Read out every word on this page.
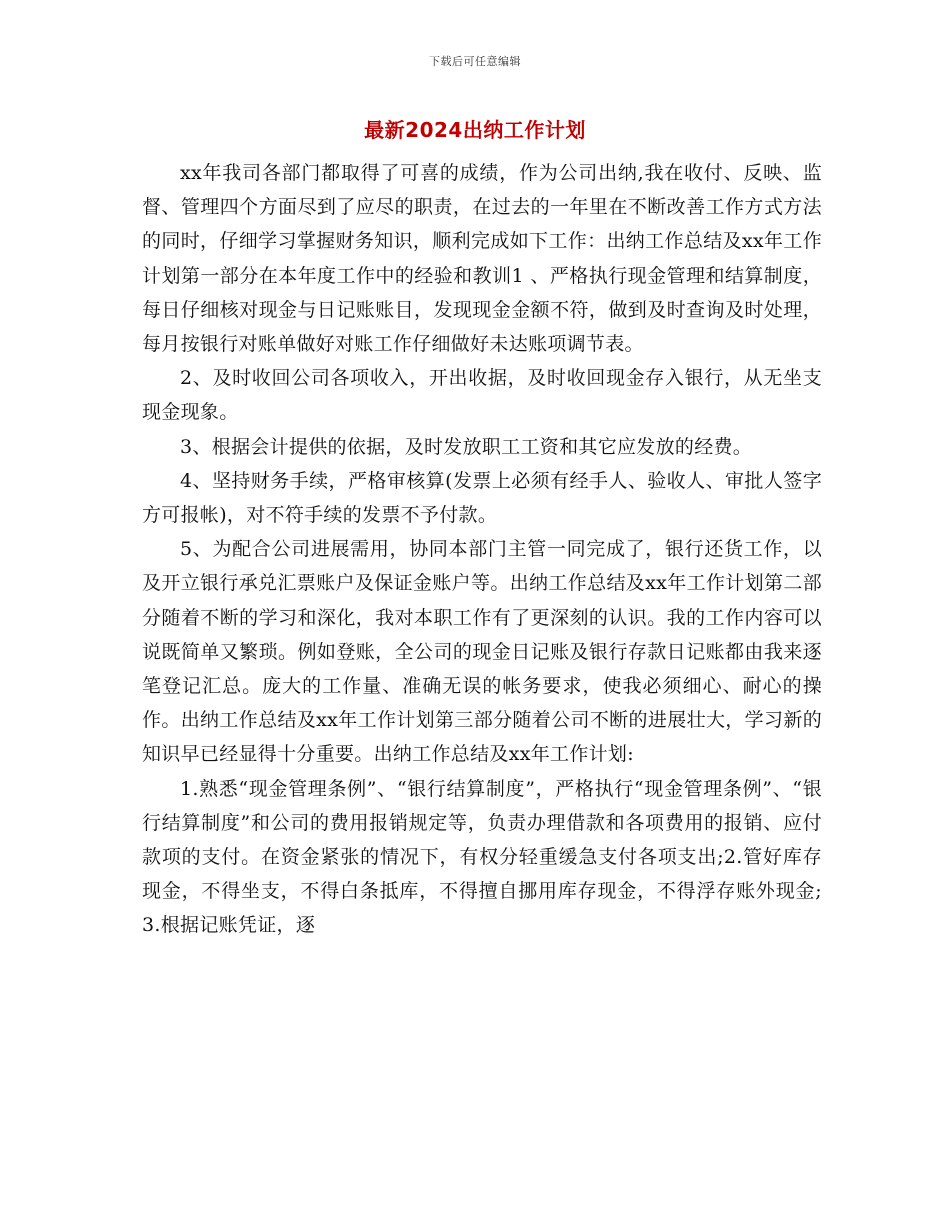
下载后可任意编辑
最新2024出纳工作计划

xx年我司各部门都取得了可喜的成绩，作为公司出纳,我在收付、反映、监督、管理四个方面尽到了应尽的职责，在过去的一年里在不断改善工作方式方法的同时，仔细学习掌握财务知识，顺利完成如下工作：出纳工作总结及xx年工作计划第一部分在本年度工作中的经验和教训1 、严格执行现金管理和结算制度，每日仔细核对现金与日记账账目，发现现金金额不符，做到及时查询及时处理，每月按银行对账单做好对账工作仔细做好未达账项调节表。

2、及时收回公司各项收入，开出收据，及时收回现金存入银行，从无坐支现金现象。

3、根据会计提供的依据，及时发放职工工资和其它应发放的经费。

4、坚持财务手续，严格审核算(发票上必须有经手人、验收人、审批人签字方可报帐)，对不符手续的发票不予付款。

5、为配合公司进展需用，协同本部门主管一同完成了，银行还货工作，以及开立银行承兑汇票账户及保证金账户等。出纳工作总结及xx年工作计划第二部分随着不断的学习和深化，我对本职工作有了更深刻的认识。我的工作内容可以说既简单又繁琐。例如登账，全公司的现金日记账及银行存款日记账都由我来逐笔登记汇总。庞大的工作量、准确无误的帐务要求，使我必须细心、耐心的操作。出纳工作总结及xx年工作计划第三部分随着公司不断的进展壮大，学习新的知识早已经显得十分重要。出纳工作总结及xx年工作计划:

1.熟悉“现金管理条例”、“银行结算制度”，严格执行“现金管理条例”、“银行结算制度”和公司的费用报销规定等，负责办理借款和各项费用的报销、应付款项的支付。在资金紧张的情况下，有权分轻重缓急支付各项支出;2.管好库存现金，不得坐支，不得白条抵库，不得擅自挪用库存现金，不得浮存账外现金;3.根据记账凭证，逐
